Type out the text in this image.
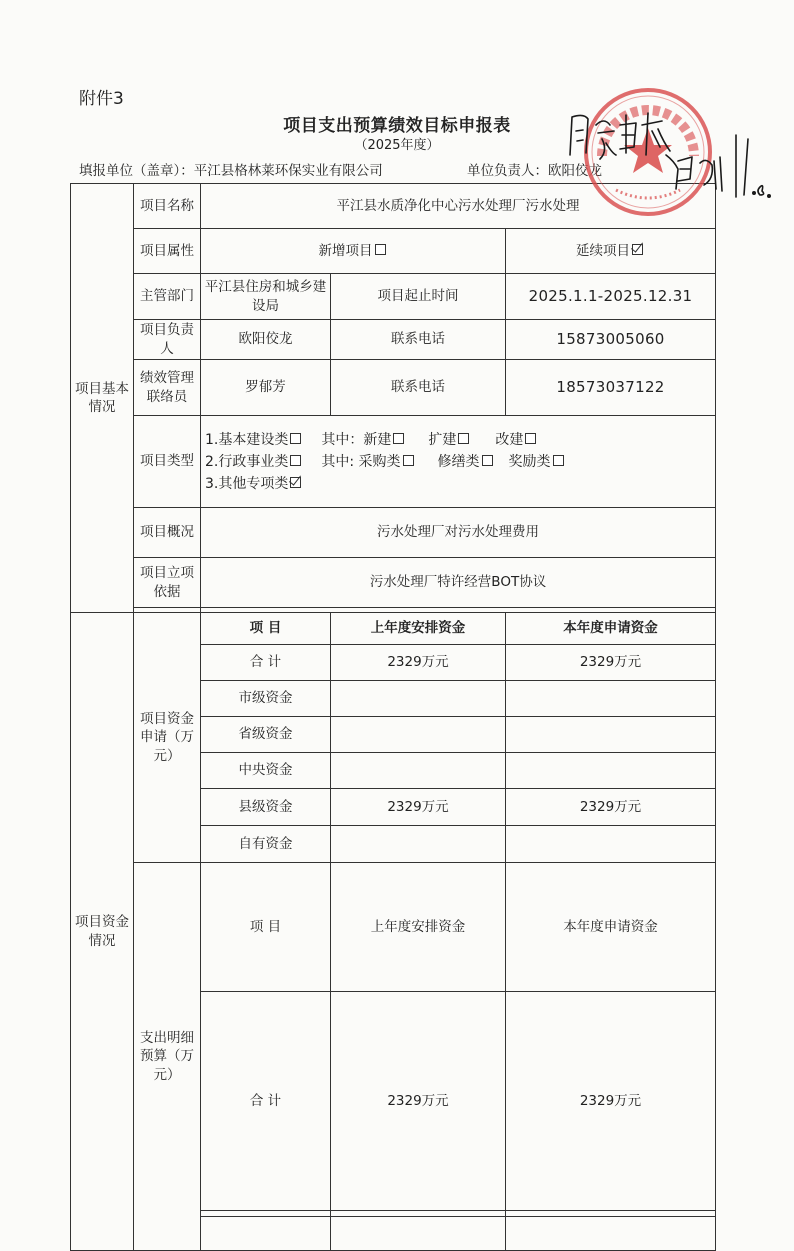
附件3
项目支出预算绩效目标申报表
（2025年度）
填报单位（盖章）：平江县格林莱环保实业有限公司	单位负责人：欧阳佼龙
项目基本情况	项目名称	平江县水质净化中心污水处理厂污水处理			
	项目属性	新增项目		延续项目	
	主管部门	平江县住房和城乡建设局	项目起止时间	2025.1.1-2025.12.31	
	项目负责人	欧阳佼龙	联系电话	15873005060	
	绩效管理联络员	罗郁芳	联系电话	18573037122	
	项目类型	1.基本建设类 其中：新建 扩建 改建
2.行政事业类 其中: 采购类 修缮类 奖励类
3.其他专项类			

	项目概况	污水处理厂对污水处理费用			
	项目立项依据	污水处理厂特许经营BOT协议			

项目资金情况	项目资金申请（万元）	项 目	上年度安排资金	本年度申请资金	
		合 计	2329万元	2329万元	
		市级资金			
		省级资金			
		中央资金			
		县级资金	2329万元	2329万元	
		自有资金			
	支出明细预算（万元）	项 目	上年度安排资金	本年度申请资金	
		合 计	2329万元	2329万元	
